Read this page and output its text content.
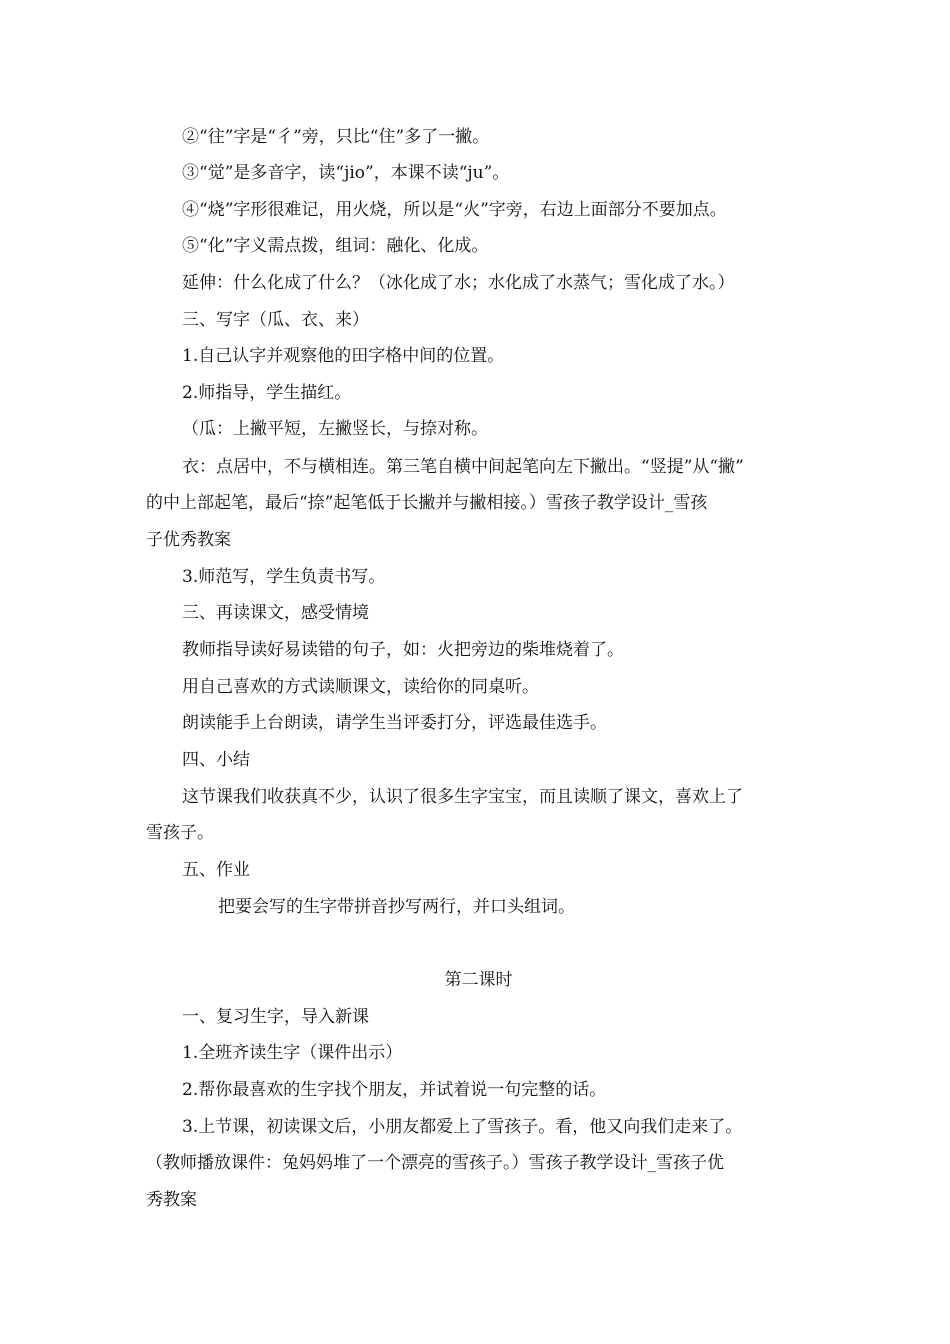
②“往”字是“彳”旁，只比“住”多了一撇。
③“觉”是多音字，读“jio”，本课不读“ju”。
④“烧”字形很难记，用火烧，所以是“火”字旁，右边上面部分不要加点。
⑤“化”字义需点拨，组词：融化、化成。
延伸：什么化成了什么？（冰化成了水；水化成了水蒸气；雪化成了水。）
三、写字（瓜、衣、来）
1.自己认字并观察他的田字格中间的位置。
2.师指导，学生描红。
（瓜：上撇平短，左撇竖长，与捺对称。
衣：点居中，不与横相连。第三笔自横中间起笔向左下撇出。“竖提”从“撇”
的中上部起笔，最后“捺”起笔低于长撇并与撇相接。）雪孩子教学设计_雪孩
子优秀教案
3.师范写，学生负责书写。
三、再读课文，感受情境
教师指导读好易读错的句子，如：火把旁边的柴堆烧着了。
用自己喜欢的方式读顺课文，读给你的同桌听。
朗读能手上台朗读，请学生当评委打分，评选最佳选手。
四、小结
这节课我们收获真不少，认识了很多生字宝宝，而且读顺了课文，喜欢上了
雪孩子。
五、作业
把要会写的生字带拼音抄写两行，并口头组词。
第二课时
一、复习生字，导入新课
1.全班齐读生字（课件出示）
2.帮你最喜欢的生字找个朋友，并试着说一句完整的话。
3.上节课，初读课文后，小朋友都爱上了雪孩子。看，他又向我们走来了。
（教师播放课件：兔妈妈堆了一个漂亮的雪孩子。）雪孩子教学设计_雪孩子优
秀教案
